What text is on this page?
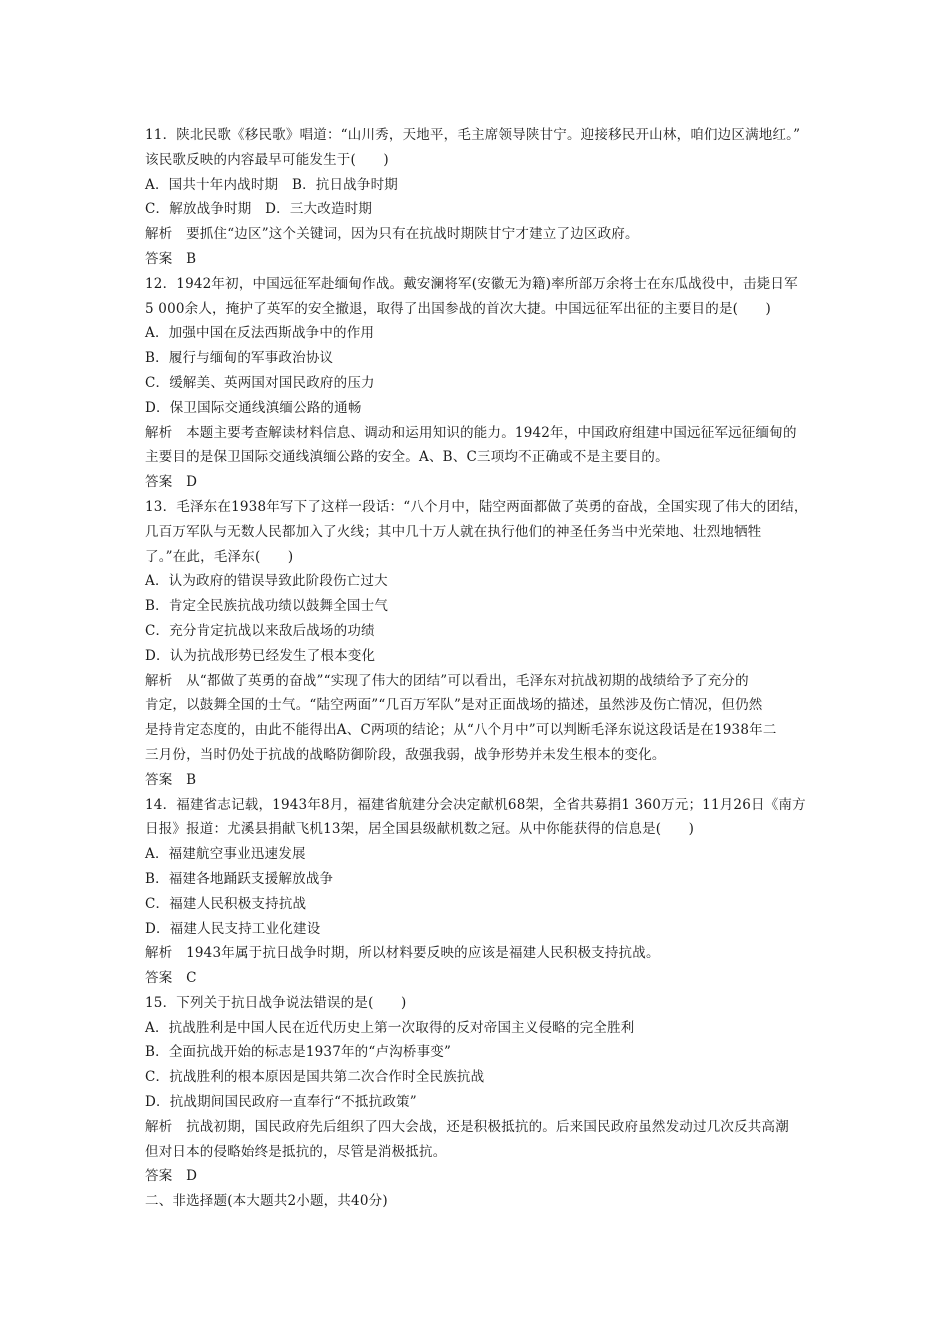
11．陕北民歌《移民歌》唱道：“山川秀，天地平，毛主席领导陕甘宁。迎接移民开山林，咱们边区满地红。”
该民歌反映的内容最早可能发生于(　　)
A．国共十年内战时期　B．抗日战争时期
C．解放战争时期　D．三大改造时期
解析　要抓住“边区”这个关键词，因为只有在抗战时期陕甘宁才建立了边区政府。
答案　B
12．1942年初，中国远征军赴缅甸作战。戴安澜将军(安徽无为籍)率所部万余将士在东瓜战役中，击毙日军
5 000余人，掩护了英军的安全撤退，取得了出国参战的首次大捷。中国远征军出征的主要目的是(　　)
A．加强中国在反法西斯战争中的作用
B．履行与缅甸的军事政治协议
C．缓解美、英两国对国民政府的压力
D．保卫国际交通线滇缅公路的通畅
解析　本题主要考查解读材料信息、调动和运用知识的能力。1942年，中国政府组建中国远征军远征缅甸的
主要目的是保卫国际交通线滇缅公路的安全。A、B、C三项均不正确或不是主要目的。
答案　D
13．毛泽东在1938年写下了这样一段话：“八个月中，陆空两面都做了英勇的奋战，全国实现了伟大的团结，
几百万军队与无数人民都加入了火线；其中几十万人就在执行他们的神圣任务当中光荣地、壮烈地牺牲
了。”在此，毛泽东(　　)
A．认为政府的错误导致此阶段伤亡过大
B．肯定全民族抗战功绩以鼓舞全国士气
C．充分肯定抗战以来敌后战场的功绩
D．认为抗战形势已经发生了根本变化
解析　从“都做了英勇的奋战”“实现了伟大的团结”可以看出，毛泽东对抗战初期的战绩给予了充分的
肯定，以鼓舞全国的士气。“陆空两面”“几百万军队”是对正面战场的描述，虽然涉及伤亡情况，但仍然
是持肯定态度的，由此不能得出A、C两项的结论；从“八个月中”可以判断毛泽东说这段话是在1938年二
三月份，当时仍处于抗战的战略防御阶段，敌强我弱，战争形势并未发生根本的变化。
答案　B
14．福建省志记载，1943年8月，福建省航建分会决定献机68架，全省共募捐1 360万元；11月26日《南方
日报》报道：尤溪县捐献飞机13架，居全国县级献机数之冠。从中你能获得的信息是(　　)
A．福建航空事业迅速发展
B．福建各地踊跃支援解放战争
C．福建人民积极支持抗战
D．福建人民支持工业化建设
解析　1943年属于抗日战争时期，所以材料要反映的应该是福建人民积极支持抗战。
答案　C
15．下列关于抗日战争说法错误的是(　　)
A．抗战胜利是中国人民在近代历史上第一次取得的反对帝国主义侵略的完全胜利
B．全面抗战开始的标志是1937年的“卢沟桥事变”
C．抗战胜利的根本原因是国共第二次合作时全民族抗战
D．抗战期间国民政府一直奉行“不抵抗政策”
解析　抗战初期，国民政府先后组织了四大会战，还是积极抵抗的。后来国民政府虽然发动过几次反共高潮
但对日本的侵略始终是抵抗的，尽管是消极抵抗。
答案　D
二、非选择题(本大题共2小题，共40分)
